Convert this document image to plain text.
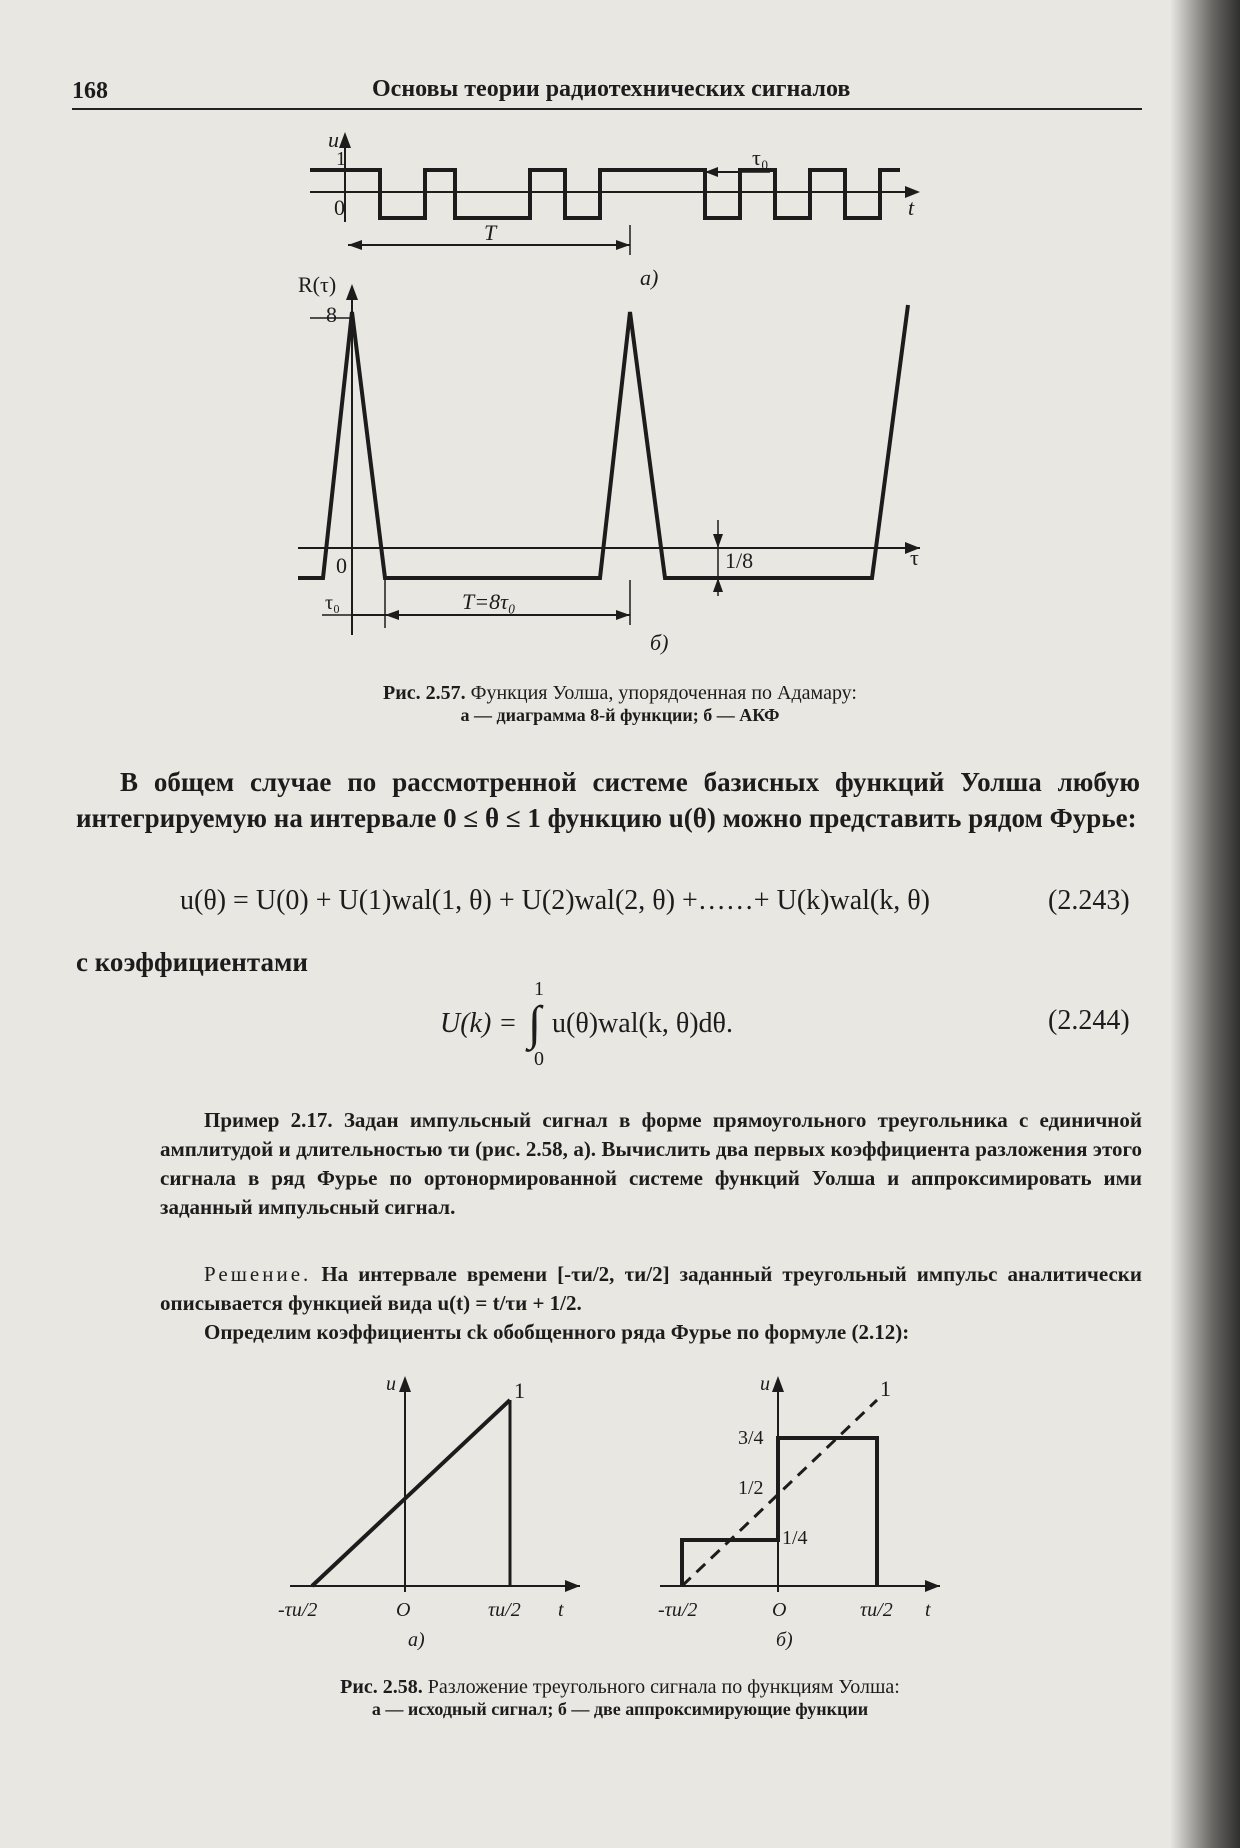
168	Основы теории радиотехнических сигналов
u
1
0	t
T
τ₀
а)
R(τ)
8
0	τ
1/8
τ₀	T=8τ₀
б)
Рис. 2.57. Функция Уолша, упорядоченная по Адамару:
а — диаграмма 8-й функции; б — АКФ
В общем случае по рассмотренной системе базисных функций Уолша любую интегрируемую на интервале 0 ≤ θ ≤ 1 функцию u(θ) можно представить рядом Фурье:
u(θ) = U(0) + U(1)wal(1, θ) + U(2)wal(2, θ) +……+ U(k)wal(k, θ)	(2.243)
с коэффициентами
U(k) =
1
∫
0
u(θ)wal(k, θ)dθ.	(2.244)
Пример 2.17. Задан импульсный сигнал в форме прямоугольного треугольника с единичной амплитудой и длительностью τи (рис. 2.58, а). Вычислить два первых коэффициента разложения этого сигнала в ряд Фурье по ортонормированной системе функций Уолша и аппроксимировать ими заданный импульсный сигнал.
Решение. На интервале времени [-τи/2, τи/2] заданный треугольный импульс аналитически описывается функцией вида u(t) = t/τи + 1/2.
Определим коэффициенты ck обобщенного ряда Фурье по формуле (2.12):
u	1
-τи/2	O	τи/2 t
а)
u	1
3/4
1/2
1/4
-τи/2	O	τи/2 t
б)
Рис. 2.58. Разложение треугольного сигнала по функциям Уолша:
а — исходный сигнал; б — две аппроксимирующие функции
